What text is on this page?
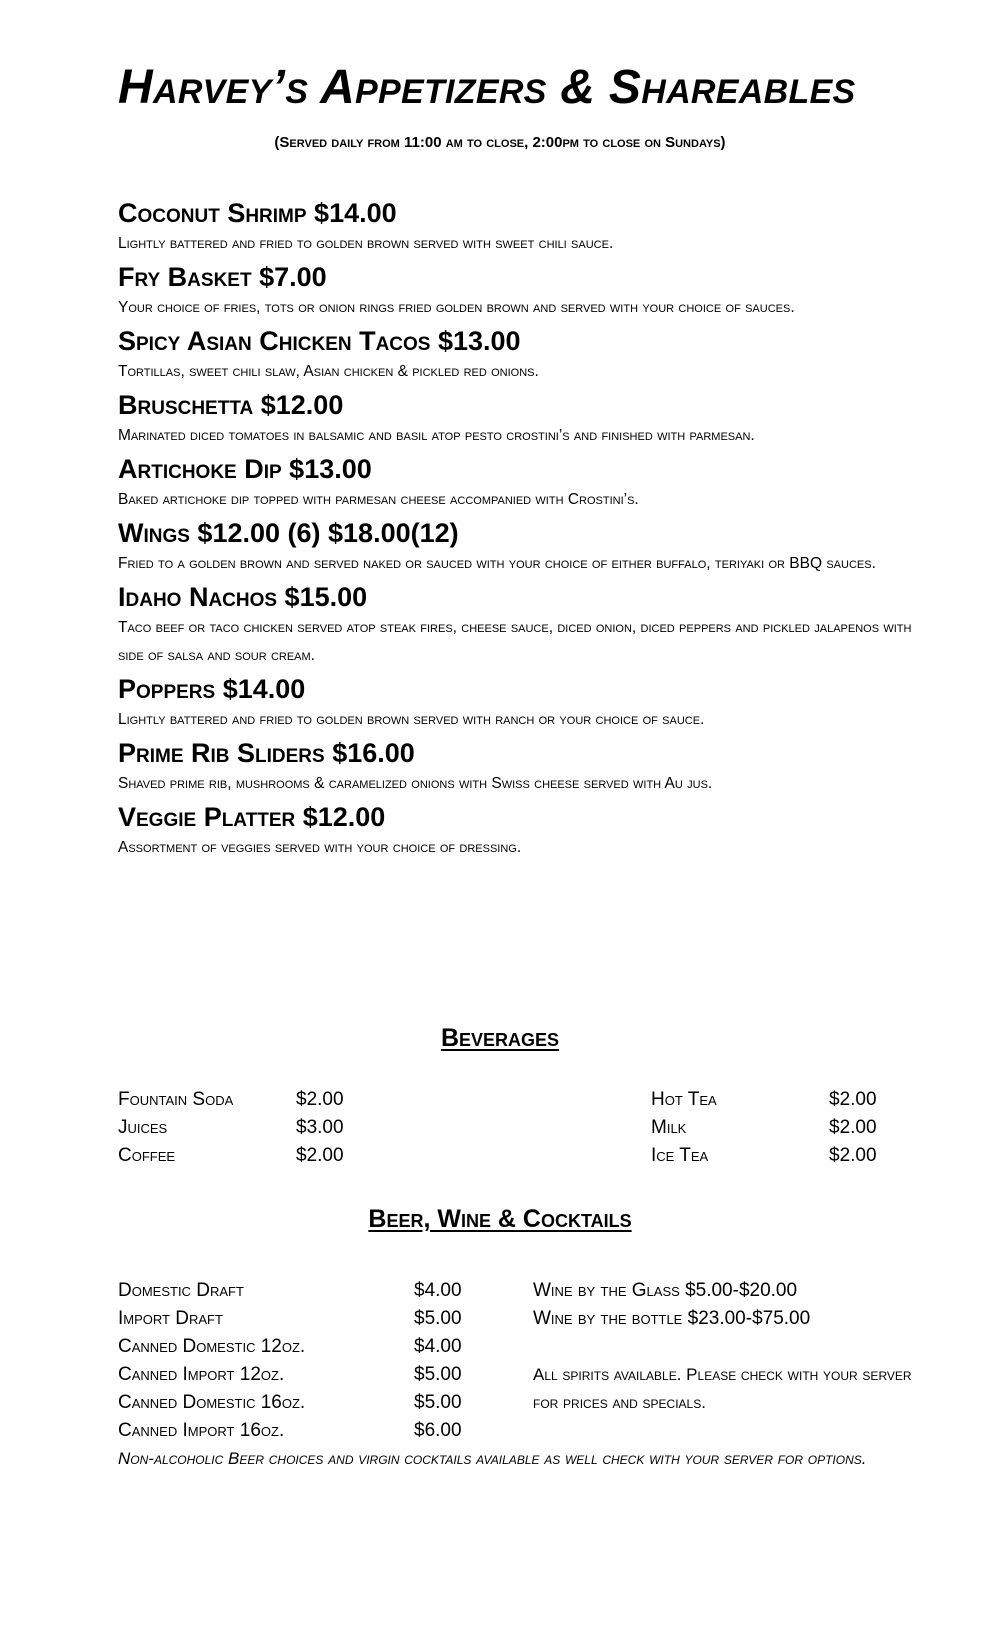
Harvey’s Appetizers & Shareables
(Served daily from 11:00 am to close, 2:00pm to close on Sundays)
Coconut Shrimp $14.00
Lightly battered and fried to golden brown served with sweet chili sauce.
Fry Basket $7.00
Your choice of fries, tots or onion rings fried golden brown and served with your choice of sauces.
Spicy Asian Chicken Tacos $13.00
Tortillas, sweet chili slaw, Asian chicken & pickled red onions.
Bruschetta $12.00
Marinated diced tomatoes in balsamic and basil atop pesto crostini’s and finished with parmesan.
Artichoke Dip $13.00
Baked artichoke dip topped with parmesan cheese accompanied with Crostini’s.
Wings $12.00 (6) $18.00(12)
Fried to a golden brown and served naked or sauced with your choice of either buffalo, teriyaki or BBQ sauces.
Idaho Nachos $15.00
Taco beef or taco chicken served atop steak fires, cheese sauce, diced onion, diced peppers and pickled jalapenos with side of salsa and sour cream.
Poppers $14.00
Lightly battered and fried to golden brown served with ranch or your choice of sauce.
Prime Rib Sliders $16.00
Shaved prime rib, mushrooms & caramelized onions with Swiss cheese served with Au jus.
Veggie Platter $12.00
Assortment of veggies served with your choice of dressing.
Beverages
Fountain Soda	$2.00
Juices	$3.00
Coffee	$2.00
Hot Tea	$2.00
Milk	$2.00
Ice Tea	$2.00
Beer, Wine & Cocktails
Domestic Draft	$4.00
Import Draft	$5.00
Canned Domestic 12oz.	$4.00
Canned Import 12oz.	$5.00
Canned Domestic 16oz.	$5.00
Canned Import 16oz.	$6.00
Wine by the Glass $5.00-$20.00
Wine by the bottle $23.00-$75.00
All spirits available. Please check with your server for prices and specials.
Non-alcoholic Beer choices and virgin cocktails available as well check with your server for options.
